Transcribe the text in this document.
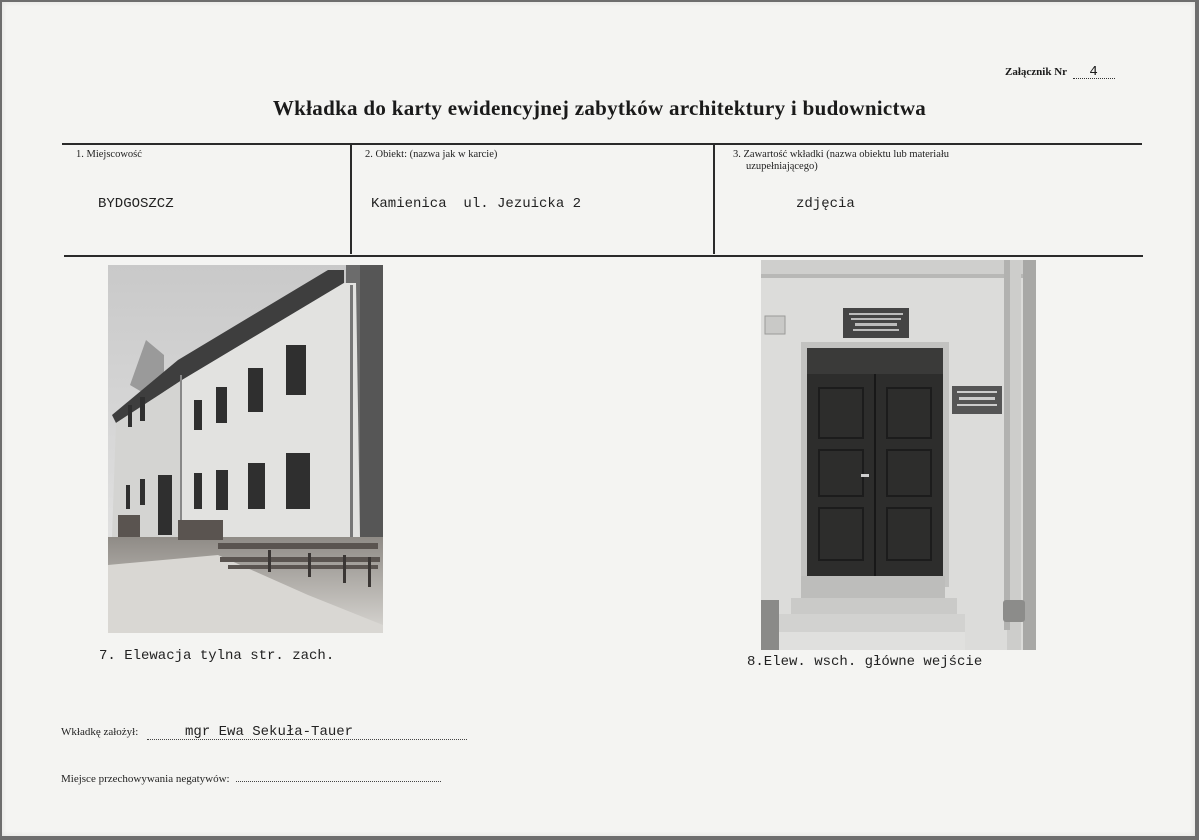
Załącznik Nr 4
Wkładka do karty ewidencyjnej zabytków architektury i budownictwa
1. Miejscowość
BYDGOSZCZ
2. Obiekt: (nazwa jak w karcie)
Kamienica  ul. Jezuicka 2
3. Zawartość wkładki (nazwa obiektu lub materiału
uzupełniającego)
zdjęcia
7. Elewacja tylna str. zach.	8.Elew. wsch. główne wejście
Wkładkę założył:	mgr Ewa Sekuła-Tauer
Miejsce przechowywania negatywów:
